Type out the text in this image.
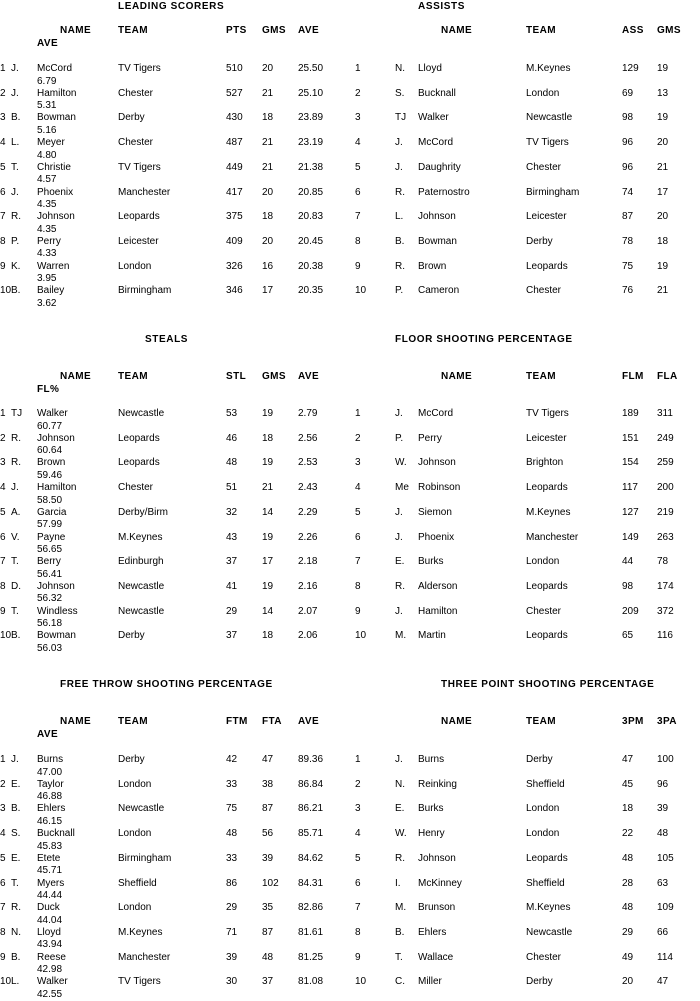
LEADING SCORERS
NAME	TEAM	PTS GMS AVE
AVE
1 J. McCord	TV Tigers	510 20 25.50
6.79
2 J. Hamilton	Chester	527 21 25.10
5.31
3 B. Bowman	Derby	430 18 23.89
5.16
4 L. Meyer	Chester	487 21 23.19
4.80
5 T. Christie	TV Tigers	449 21 21.38
4.57
6 J. Phoenix	Manchester	417 20 20.85
4.35
7 R. Johnson	Leopards	375 18 20.83
4.35
8 P. Perry	Leicester	409 20 20.45
4.33
9 K. Warren	London	326 16 20.38
3.95
10 B. Bailey	Birmingham	346 17 20.35
3.62
ASSISTS
NAME	TEAM	ASS GMS
1	N. Lloyd	M.Keynes	129 19
2	S. Bucknall	London	69 13
3	TJ Walker	Newcastle	98 19
4	J. McCord	TV Tigers	96 20
5	J. Daughrity	Chester	96 21
6	R. Paternostro	Birmingham	74 17
7	L. Johnson	Leicester	87 20
8	B. Bowman	Derby	78 18
9	R. Brown	Leopards	75 19
10	P. Cameron	Chester	76 21
STEALS
NAME	TEAM	STL GMS AVE
FL%
1 TJ Walker	Newcastle	53 19 2.79
60.77
2 R. Johnson	Leopards	46 18 2.56
60.64
3 R. Brown	Leopards	48 19 2.53
59.46
4 J. Hamilton	Chester	51 21 2.43
58.50
5 A. Garcia	Derby/Birm	32 14 2.29
57.99
6 V. Payne	M.Keynes	43 19 2.26
56.65
7 T. Berry	Edinburgh	37 17 2.18
56.41
8 D. Johnson	Newcastle	41 19 2.16
56.32
9 T. Windless	Newcastle	29 14 2.07
56.18
10 B. Bowman	Derby	37 18 2.06
56.03
FLOOR SHOOTING PERCENTAGE
NAME	TEAM	FLM FLA
1	J. McCord	TV Tigers	189 311
2	P. Perry	Leicester	151 249
3	W. Johnson	Brighton	154 259
4	Me Robinson	Leopards	117 200
5	J. Siemon	M.Keynes	127 219
6	J. Phoenix	Manchester	149 263
7	E. Burks	London	44 78
8	R. Alderson	Leopards	98 174
9	J. Hamilton	Chester	209 372
10	M. Martin	Leopards	65 116
FREE THROW SHOOTING PERCENTAGE
NAME	TEAM	FTM FTA AVE
AVE
1 J. Burns	Derby	42 47 89.36
47.00
2 E. Taylor	London	33 38 86.84
46.88
3 B. Ehlers	Newcastle	75 87 86.21
46.15
4 S. Bucknall	London	48 56 85.71
45.83
5 E. Etete	Birmingham	33 39 84.62
45.71
6 T. Myers	Sheffield	86 102 84.31
44.44
7 R. Duck	London	29 35 82.86
44.04
8 N. Lloyd	M.Keynes	71 87 81.61
43.94
9 B. Reese	Manchester	39 48 81.25
42.98
10 L. Walker	TV Tigers	30 37 81.08
42.55
THREE POINT SHOOTING PERCENTAGE
NAME	TEAM	3PM 3PA
1	J. Burns	Derby	47 100
2	N. Reinking	Sheffield	45 96
3	E. Burks	London	18 39
4	W. Henry	London	22 48
5	R. Johnson	Leopards	48 105
6	I. McKinney	Sheffield	28 63
7	M. Brunson	M.Keynes	48 109
8	B. Ehlers	Newcastle	29 66
9	T. Wallace	Chester	49 114
10	C. Miller	Derby	20 47
